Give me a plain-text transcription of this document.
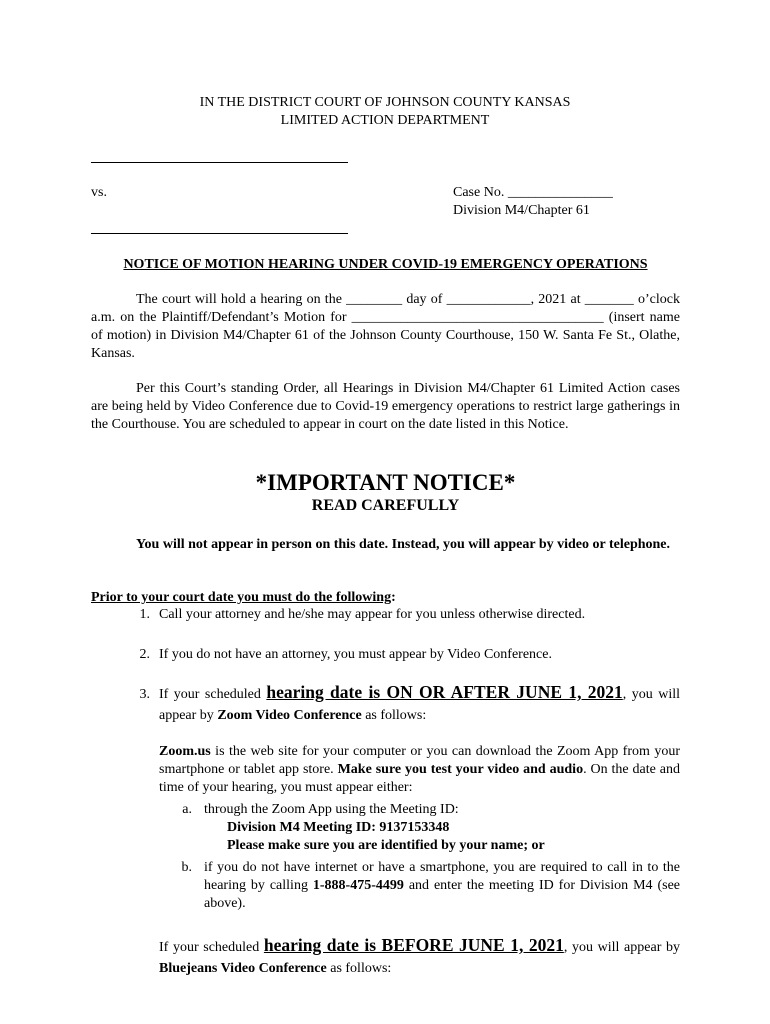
IN THE DISTRICT COURT OF JOHNSON COUNTY KANSAS
LIMITED ACTION DEPARTMENT
vs.	Case No. _______________
Division M4/Chapter 61
NOTICE OF MOTION HEARING UNDER COVID-19 EMERGENCY OPERATIONS
The court will hold a hearing on the ________ day of ____________, 2021 at _______ o’clock a.m. on the Plaintiff/Defendant’s Motion for ____________________________________ (insert name of motion) in Division M4/Chapter 61 of the Johnson County Courthouse, 150 W. Santa Fe St., Olathe, Kansas.
Per this Court’s standing Order, all Hearings in Division M4/Chapter 61 Limited Action cases are being held by Video Conference due to Covid-19 emergency operations to restrict large gatherings in the Courthouse. You are scheduled to appear in court on the date listed in this Notice.
*IMPORTANT NOTICE*
READ CAREFULLY
You will not appear in person on this date. Instead, you will appear by video or telephone.
Prior to your court date you must do the following:
1. Call your attorney and he/she may appear for you unless otherwise directed.
2. If you do not have an attorney, you must appear by Video Conference.
3. If your scheduled hearing date is ON OR AFTER JUNE 1, 2021, you will appear by Zoom Video Conference as follows:
Zoom.us is the web site for your computer or you can download the Zoom App from your smartphone or tablet app store. Make sure you test your video and audio. On the date and time of your hearing, you must appear either:
a. through the Zoom App using the Meeting ID:
Division M4 Meeting ID: 9137153348
Please make sure you are identified by your name; or
b. if you do not have internet or have a smartphone, you are required to call in to the hearing by calling 1-888-475-4499 and enter the meeting ID for Division M4 (see above).
If your scheduled hearing date is BEFORE JUNE 1, 2021, you will appear by Bluejeans Video Conference as follows:
